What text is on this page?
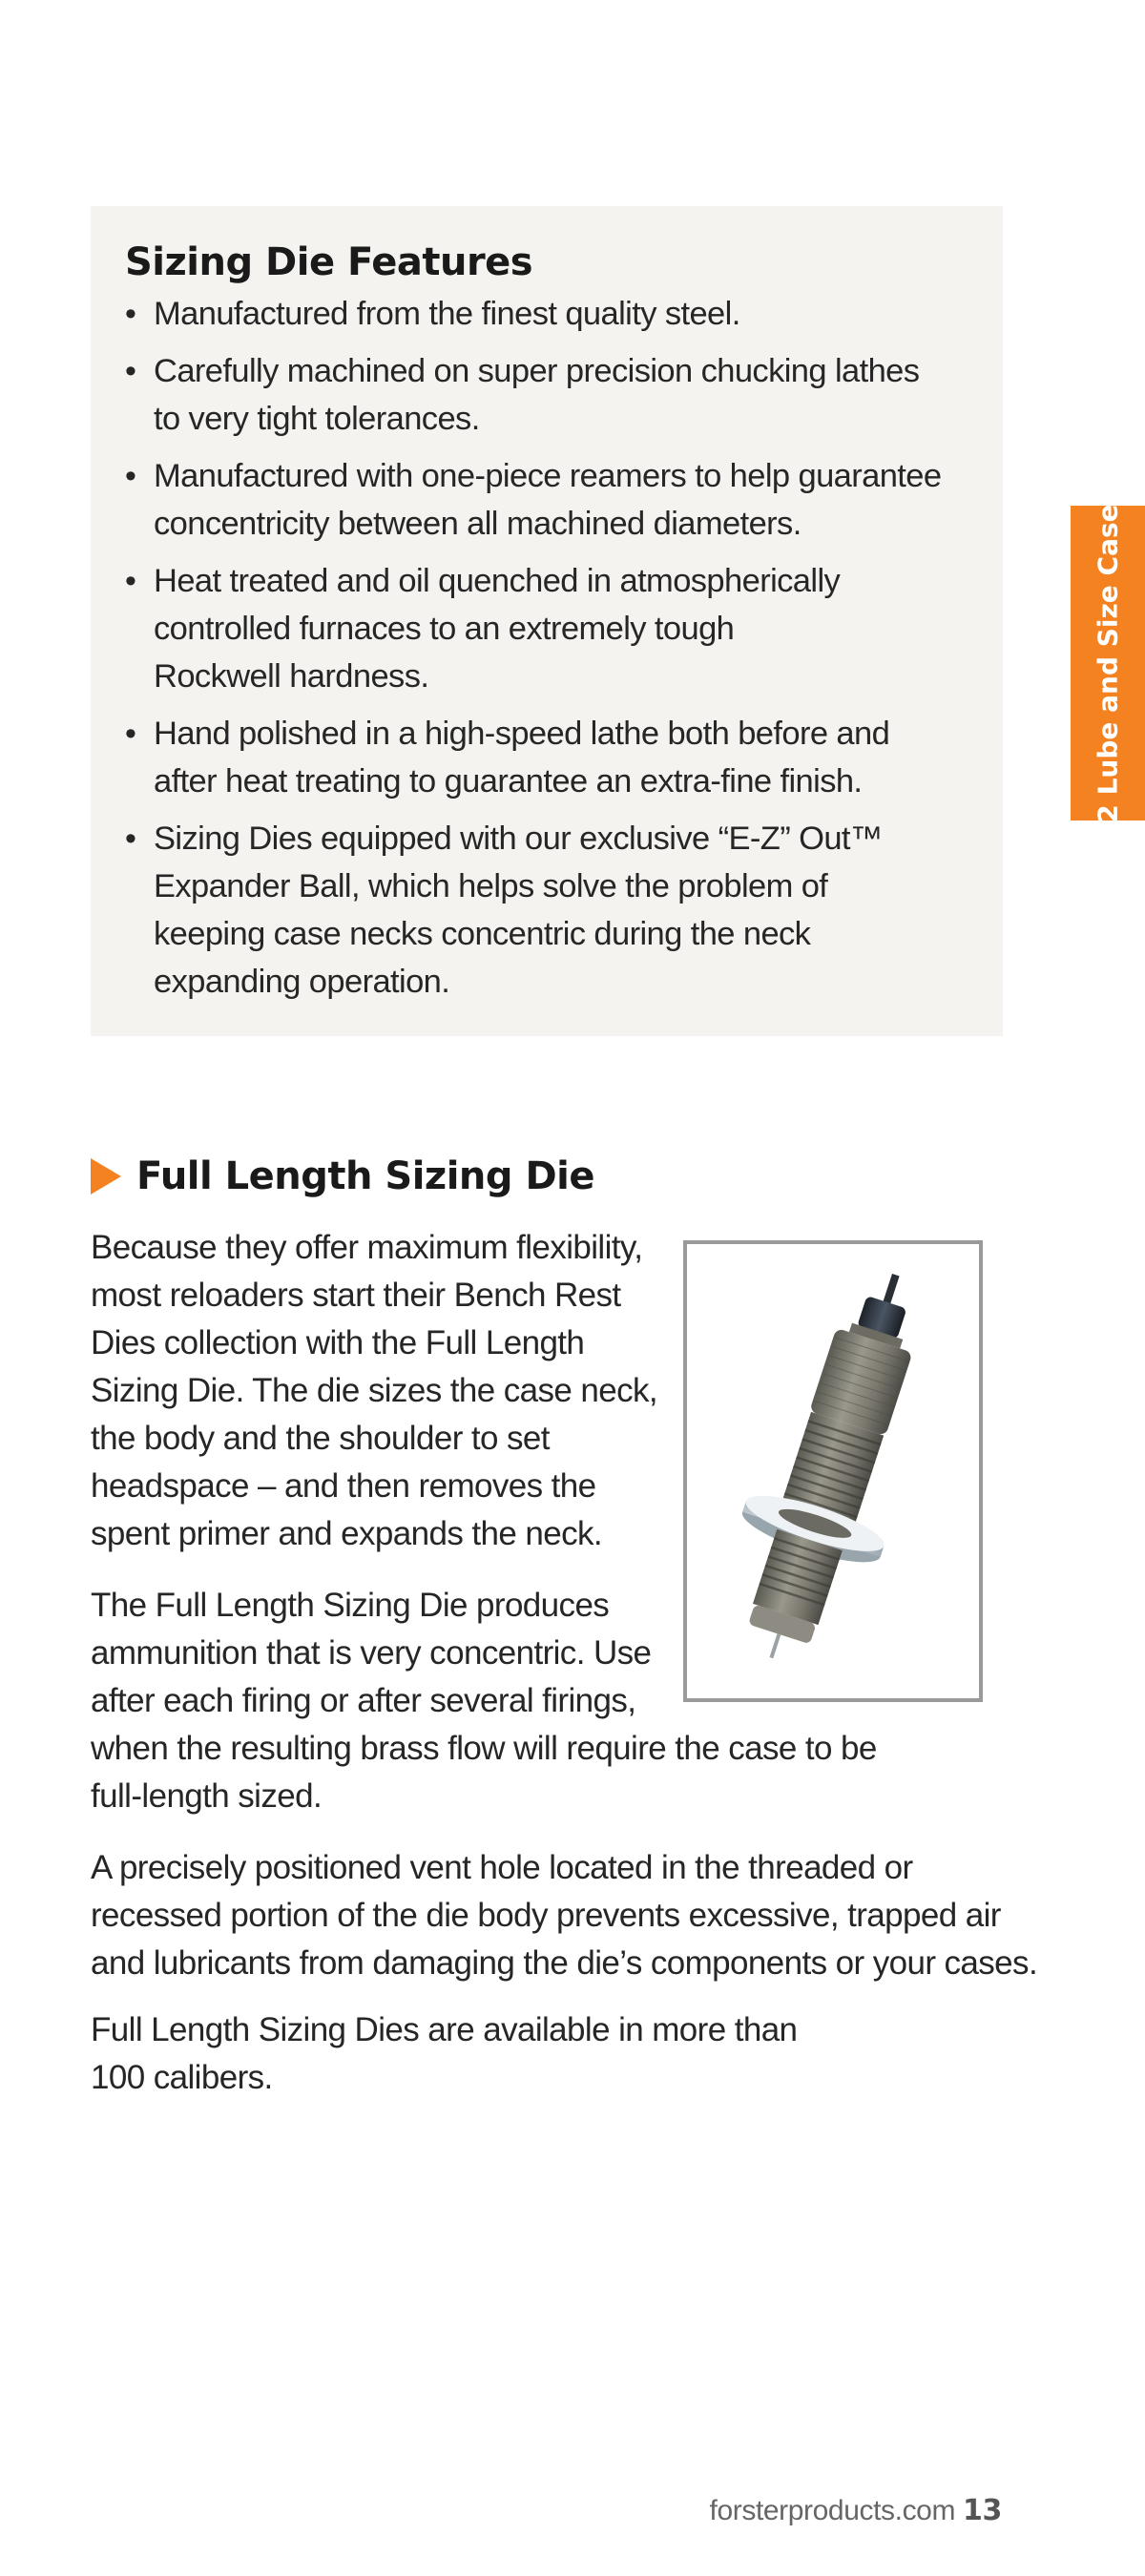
Sizing Die Features
• Manufactured from the finest quality steel.
• Carefully machined on super precision chucking lathes
to very tight tolerances.
• Manufactured with one-piece reamers to help guarantee
concentricity between all machined diameters.
• Heat treated and oil quenched in atmospherically
controlled furnaces to an extremely tough
Rockwell hardness.
• Hand polished in a high-speed lathe both before and
after heat treating to guarantee an extra-fine finish.
• Sizing Dies equipped with our exclusive “E-Z” Out™
Expander Ball, which helps solve the problem of
keeping case necks concentric during the neck
expanding operation.
2 Lube and Size Case
Full Length Sizing Die

Because they offer maximum flexibility,
most reloaders start their Bench Rest
Dies collection with the Full Length
Sizing Die. The die sizes the case neck,
the body and the shoulder to set
headspace – and then removes the
spent primer and expands the neck.

The Full Length Sizing Die produces
ammunition that is very concentric. Use
after each firing or after several firings,
when the resulting brass flow will require the case to be
full-length sized.

A precisely positioned vent hole located in the threaded or
recessed portion of the die body prevents excessive, trapped air
and lubricants from damaging the die’s components or your cases.

Full Length Sizing Dies are available in more than
100 calibers.

forsterproducts.com 13
